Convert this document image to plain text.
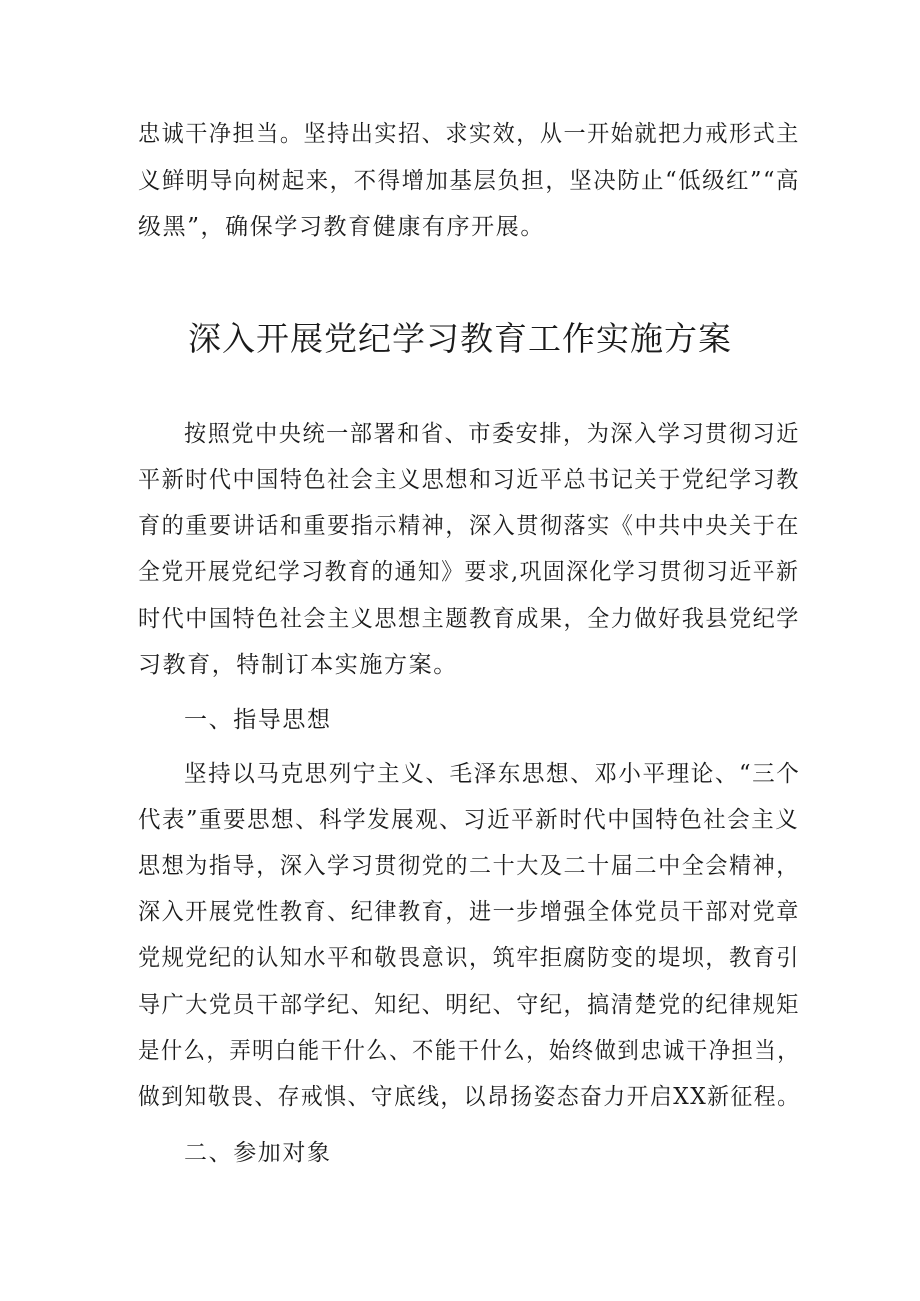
忠诚干净担当。坚持出实招、求实效，从一开始就把力戒形式主
义鲜明导向树起来，不得增加基层负担，坚决防止“低级红”“高
级黑”，确保学习教育健康有序开展。
深入开展党纪学习教育工作实施方案
按照党中央统一部署和省、市委安排，为深入学习贯彻习近
平新时代中国特色社会主义思想和习近平总书记关于党纪学习教
育的重要讲话和重要指示精神，深入贯彻落实《中共中央关于在
全党开展党纪学习教育的通知》要求,巩固深化学习贯彻习近平新
时代中国特色社会主义思想主题教育成果，全力做好我县党纪学
习教育，特制订本实施方案。
一、指导思想
坚持以马克思列宁主义、毛泽东思想、邓小平理论、“三个
代表”重要思想、科学发展观、习近平新时代中国特色社会主义
思想为指导，深入学习贯彻党的二十大及二十届二中全会精神，
深入开展党性教育、纪律教育，进一步增强全体党员干部对党章
党规党纪的认知水平和敬畏意识，筑牢拒腐防变的堤坝，教育引
导广大党员干部学纪、知纪、明纪、守纪，搞清楚党的纪律规矩
是什么，弄明白能干什么、不能干什么，始终做到忠诚干净担当，
做到知敬畏、存戒惧、守底线，以昂扬姿态奋力开启XX新征程。
二、参加对象
